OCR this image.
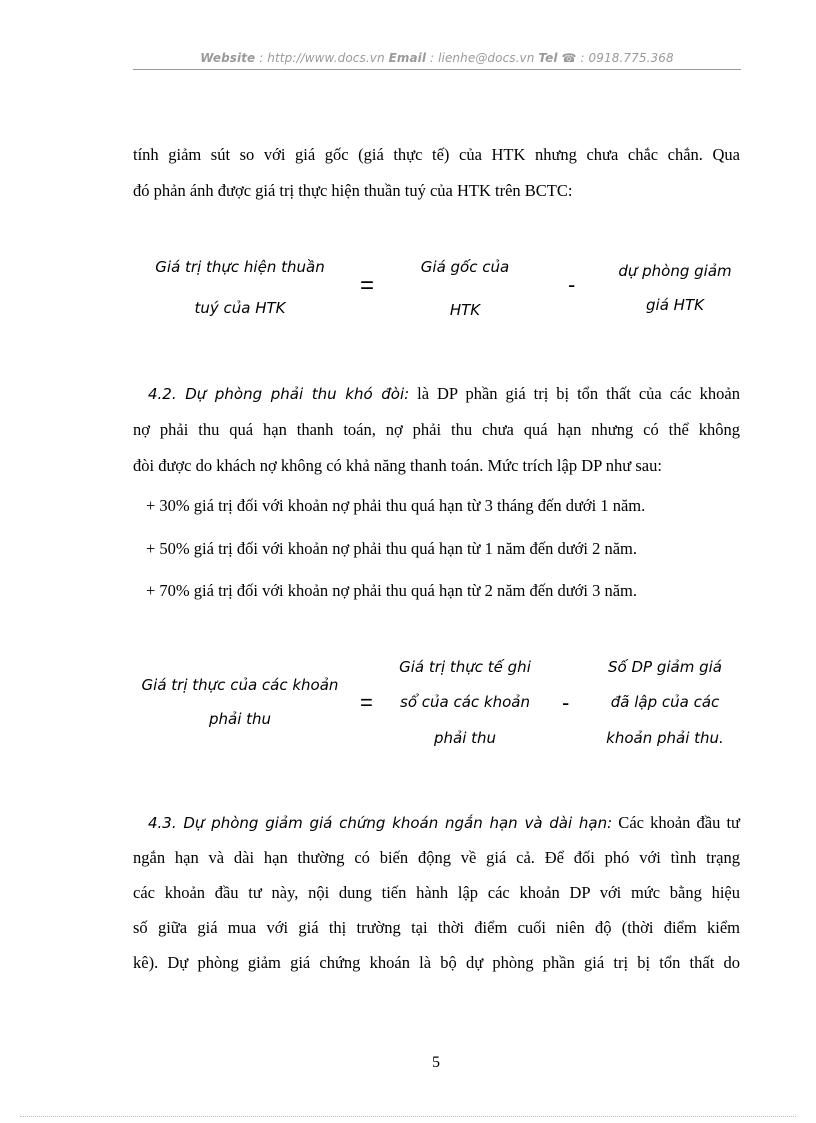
Website : http://www.docs.vn Email : lienhe@docs.vn Tel ☎ : 0918.775.368
tính giảm sút so với giá gốc (giá thực tế) của HTK nhưng chưa chắc chắn. Qua
đó phản ánh được giá trị thực hiện thuần tuý của HTK trên BCTC:
Giá trị thực hiện thuần
tuý của HTK
=
Giá gốc của
HTK
-
dự phòng giảm
giá HTK
4.2. Dự phòng phải thu khó đòi: là DP phần giá trị bị tổn thất của các khoản
nợ phải thu quá hạn thanh toán, nợ phải thu chưa quá hạn nhưng có thể không
đòi được do khách nợ không có khả năng thanh toán. Mức trích lập DP như sau:
+ 30% giá trị đối với khoản nợ phải thu quá hạn từ 3 tháng đến dưới 1 năm.
+ 50% giá trị đối với khoản nợ phải thu quá hạn từ 1 năm đến dưới 2 năm.
+ 70% giá trị đối với khoản nợ phải thu quá hạn từ 2 năm đến dưới 3 năm.
Giá trị thực của các khoản
phải thu
=
Giá trị thực tế ghi
sổ của các khoản
phải thu
-
Số DP giảm giá
đã lập của các
khoản phải thu.
4.3. Dự phòng giảm giá chứng khoán ngắn hạn và dài hạn: Các khoản đầu tư
ngắn hạn và dài hạn thường có biến động về giá cả. Để đối phó với tình trạng
các khoản đầu tư này, nội dung tiến hành lập các khoản DP với mức bằng hiệu
số giữa giá mua với giá thị trường tại thời điểm cuối niên độ (thời điểm kiểm
kê). Dự phòng giảm giá chứng khoán là bộ dự phòng phần giá trị bị tổn thất do
5
